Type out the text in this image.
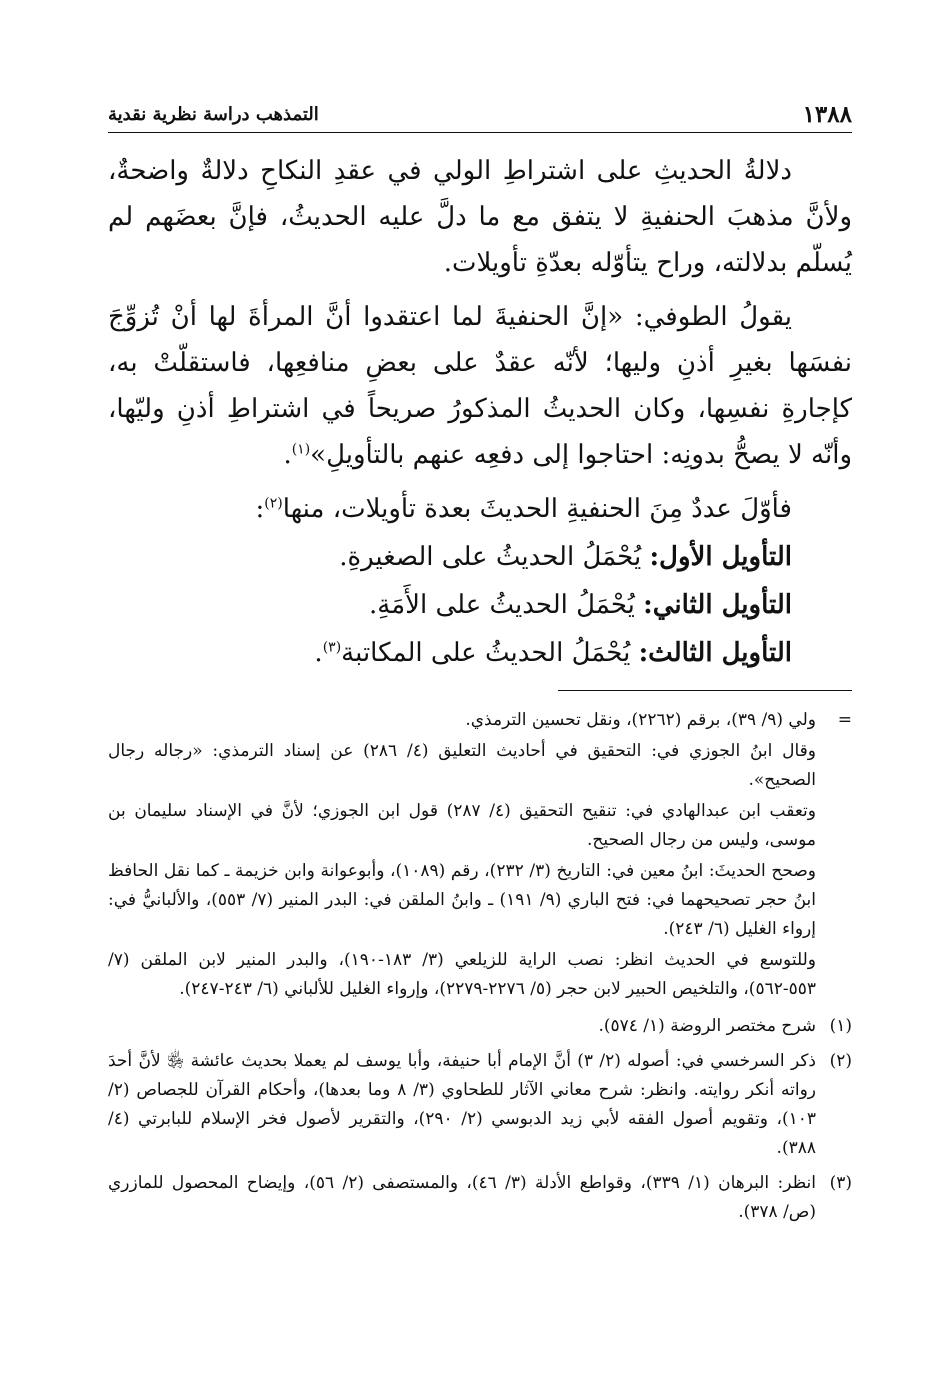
١٣٨٨
التمذهب دراسة نظرية نقدية

دلالةُ الحديثِ على اشتراطِ الولي في عقدِ النكاحِ دلالةٌ واضحةٌ، ولأنَّ مذهبَ الحنفيةِ لا يتفق مع ما دلَّ عليه الحديثُ، فإنَّ بعضَهم لم يُسلّم بدلالته، وراح يتأوّله بعدّةِ تأويلات.

يقولُ الطوفي: «إنَّ الحنفيةَ لما اعتقدوا أنَّ المرأةَ لها أنْ تُزوِّجَ نفسَها بغيرِ أذنِ وليها؛ لأنّه عقدٌ على بعضِ منافعِها، فاستقلّتْ به، كإجارةِ نفسِها، وكان الحديثُ المذكورُ صريحاً في اشتراطِ أذنِ وليّها، وأنّه لا يصحُّ بدونِه: احتاجوا إلى دفعِه عنهم بالتأويلِ»$^{(١)}$.

فأوّلَ عددٌ مِنَ الحنفيةِ الحديثَ بعدة تأويلات، منها$^{(٢)}$:
التأويل الأول: يُحْمَلُ الحديثُ على الصغيرةِ.
التأويل الثاني: يُحْمَلُ الحديثُ على الأَمَةِ.
التأويل الثالث: يُحْمَلُ الحديثُ على المكاتبة$^{(٣)}$.
=
ولي (٩/ ٣٩)، برقم (٢٢٦٢)، ونقل تحسين الترمذي.
وقال ابنُ الجوزي في: التحقيق في أحاديث التعليق (٤/ ٢٨٦) عن إسناد الترمذي: «رجاله رجال الصحيح».
وتعقب ابن عبدالهادي في: تنقيح التحقيق (٤/ ٢٨٧) قول ابن الجوزي؛ لأنَّ في الإسناد سليمان بن موسى، وليس من رجال الصحيح.
وصحح الحديثَ: ابنُ معين في: التاريخ (٣/ ٢٣٢)، رقم (١٠٨٩)، وأبوعوانة وابن خزيمة ـ كما نقل الحافظ ابنُ حجر تصحيحهما في: فتح الباري (٩/ ١٩١) ـ وابنُ الملقن في: البدر المنير (٧/ ٥٥٣)، والألبانيُّ في: إرواء الغليل (٦/ ٢٤٣).
وللتوسع في الحديث انظر: نصب الراية للزيلعي (٣/ ١٨٣-١٩٠)، والبدر المنير لابن الملقن (٧/ ٥٥٣-٥٦٢)، والتلخيص الحبير لابن حجر (٥/ ٢٢٧٦-٢٢٧٩)، وإرواء الغليل للألباني (٦/ ٢٤٣-٢٤٧).
(١)
شرح مختصر الروضة (١/ ٥٧٤).
(٢)
ذكر السرخسي في: أصوله (٢/ ٣) أنَّ الإمام أبا حنيفة، وأبا يوسف لم يعملا بحديث عائشة ﵂ لأنَّ أحدَ رواته أنكر روايته. وانظر: شرح معاني الآثار للطحاوي (٣/ ٨ وما بعدها)، وأحكام القرآن للجصاص (٢/ ١٠٣)، وتقويم أصول الفقه لأبي زيد الدبوسي (٢/ ٢٩٠)، والتقرير لأصول فخر الإسلام للبابرتي (٤/ ٣٨٨).
(٣)
انظر: البرهان (١/ ٣٣٩)، وقواطع الأدلة (٣/ ٤٦)، والمستصفى (٢/ ٥٦)، وإيضاح المحصول للمازري (ص/ ٣٧٨).
